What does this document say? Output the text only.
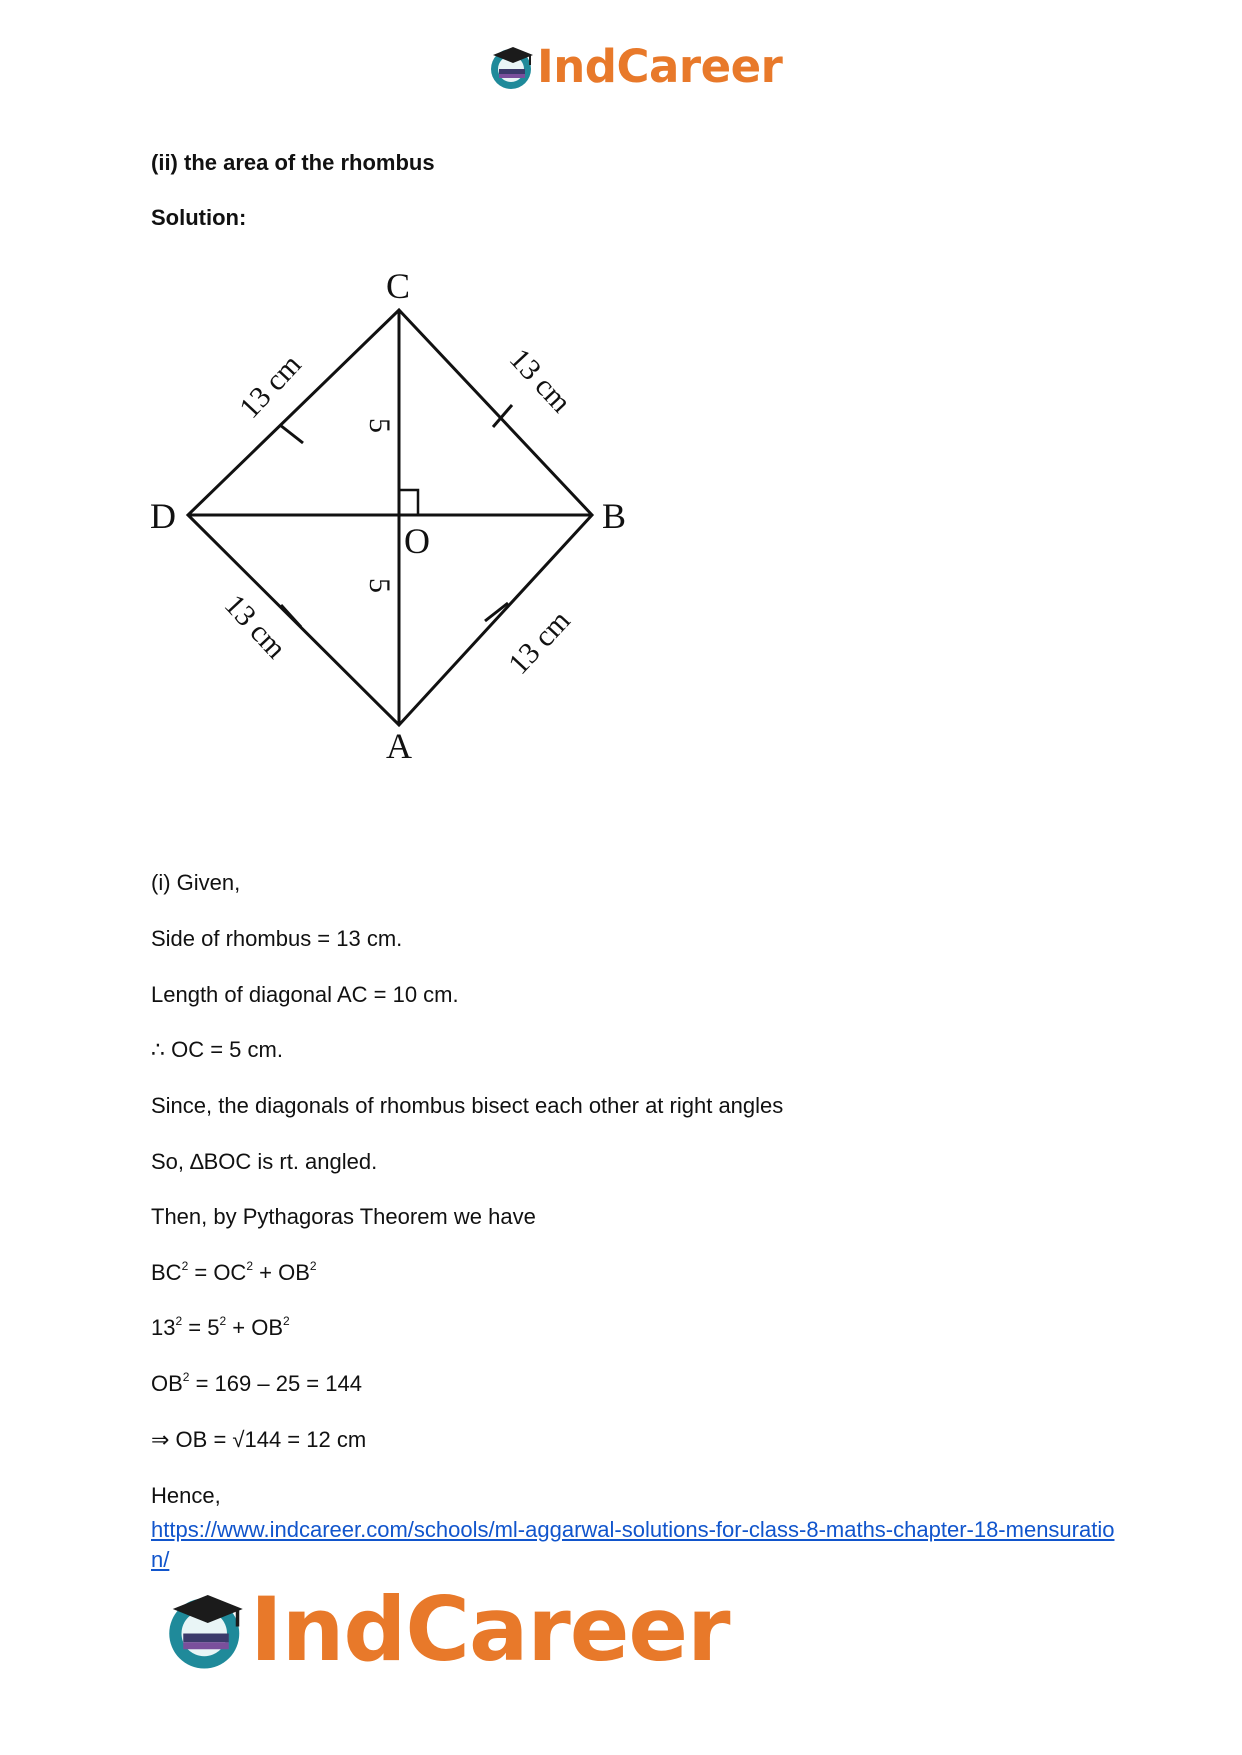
IndCareer
(ii) the area of the rhombus
Solution:
C
B
D
A
O
13 cm	13 cm
13 cm	13 cm
5
5

(i) Given,

Side of rhombus = 13 cm.

Length of diagonal AC = 10 cm.

∴ OC = 5 cm.

Since, the diagonals of rhombus bisect each other at right angles

So, ∆BOC is rt. angled.

Then, by Pythagoras Theorem we have

$BC^2 = OC^2 + OB^2$

$13^2 = 5^2 + OB^2$

$OB^2 = 169 - 25 = 144$

⇒ OB = √144 = 12 cm

Hence,

https://www.indcareer.com/schools/ml-aggarwal-solutions-for-class-8-maths-chapter-18-mensuration/
IndCareer
